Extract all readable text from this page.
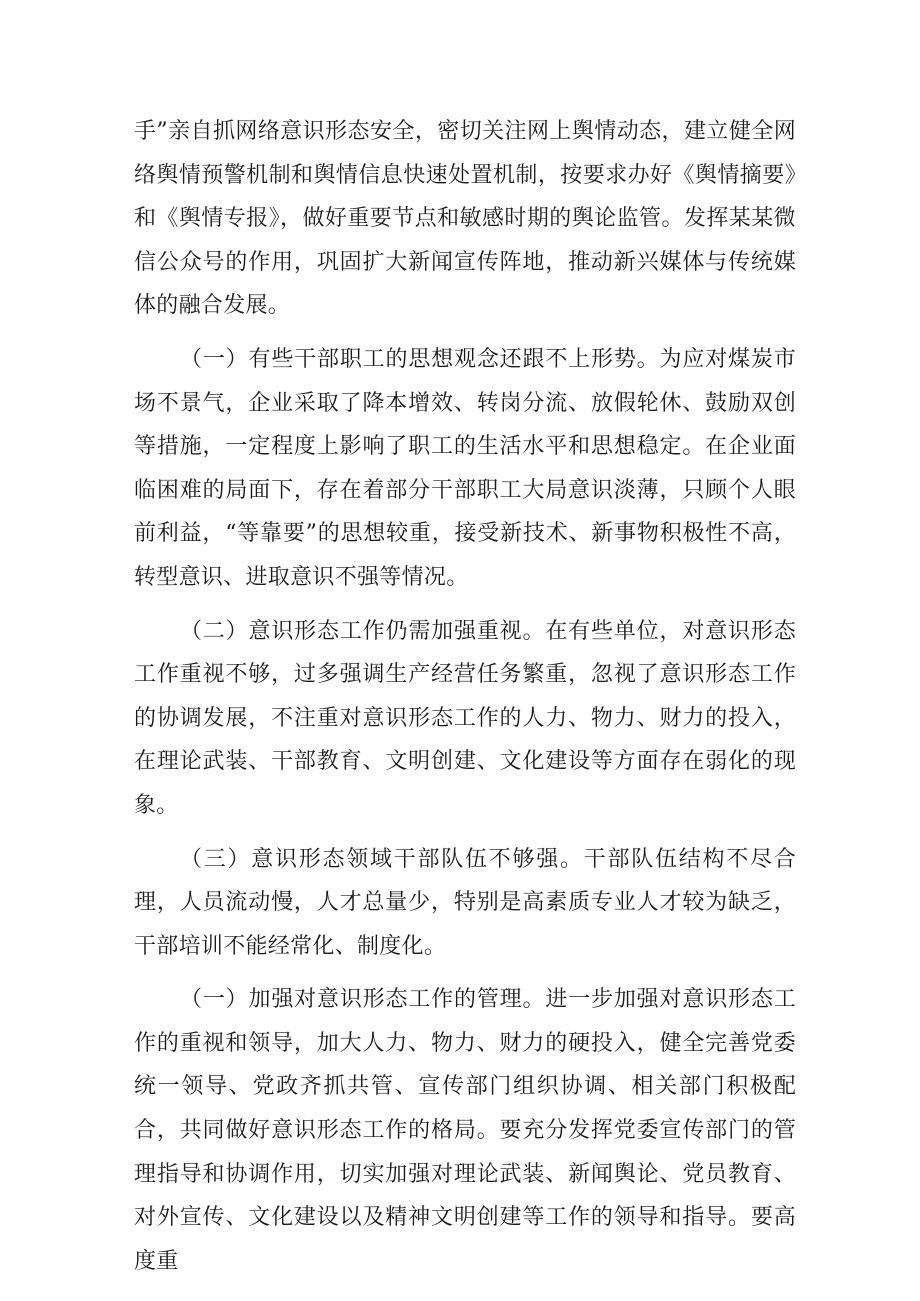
手”亲自抓网络意识形态安全，密切关注网上舆情动态，建立健全网络舆情预警机制和舆情信息快速处置机制，按要求办好《舆情摘要》和《舆情专报》，做好重要节点和敏感时期的舆论监管。发挥某某微信公众号的作用，巩固扩大新闻宣传阵地，推动新兴媒体与传统媒体的融合发展。

（一）有些干部职工的思想观念还跟不上形势。为应对煤炭市场不景气，企业采取了降本增效、转岗分流、放假轮休、鼓励双创等措施，一定程度上影响了职工的生活水平和思想稳定。在企业面临困难的局面下，存在着部分干部职工大局意识淡薄，只顾个人眼前利益，“等靠要”的思想较重，接受新技术、新事物积极性不高，转型意识、进取意识不强等情况。

（二）意识形态工作仍需加强重视。在有些单位，对意识形态工作重视不够，过多强调生产经营任务繁重，忽视了意识形态工作的协调发展，不注重对意识形态工作的人力、物力、财力的投入，在理论武装、干部教育、文明创建、文化建设等方面存在弱化的现象。

（三）意识形态领域干部队伍不够强。干部队伍结构不尽合理，人员流动慢，人才总量少，特别是高素质专业人才较为缺乏，干部培训不能经常化、制度化。

（一）加强对意识形态工作的管理。进一步加强对意识形态工作的重视和领导，加大人力、物力、财力的硬投入，健全完善党委统一领导、党政齐抓共管、宣传部门组织协调、相关部门积极配合，共同做好意识形态工作的格局。要充分发挥党委宣传部门的管理指导和协调作用，切实加强对理论武装、新闻舆论、党员教育、对外宣传、文化建设以及精神文明创建等工作的领导和指导。要高度重
